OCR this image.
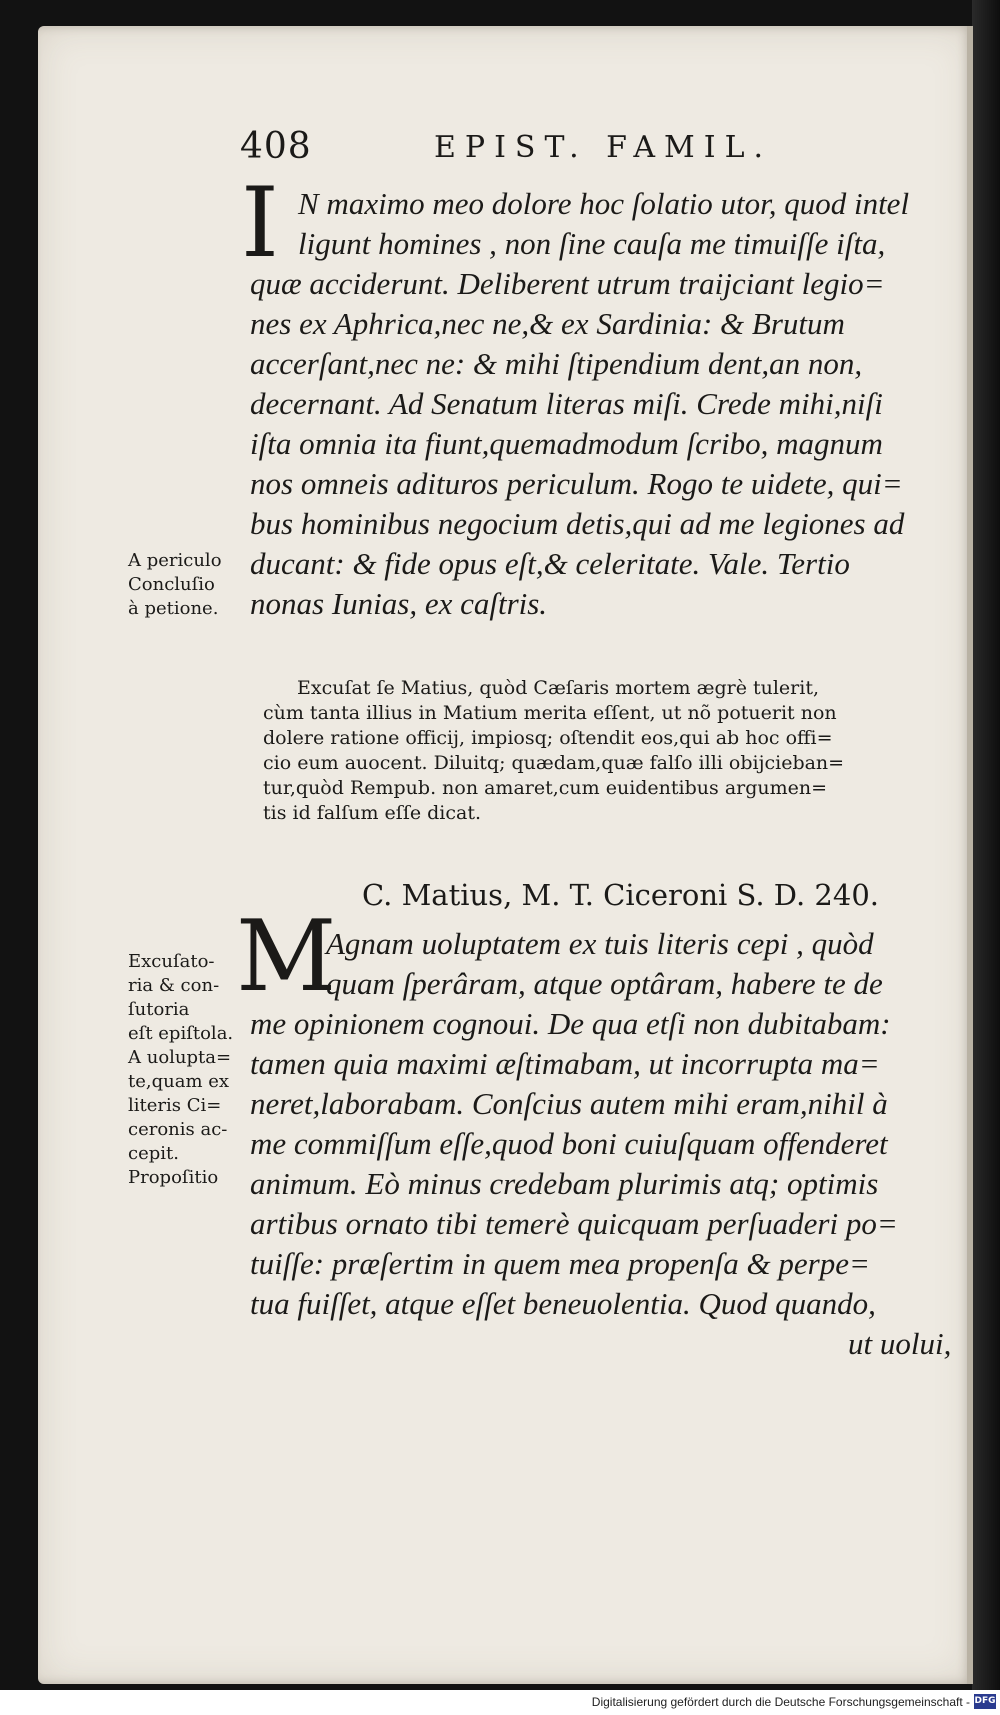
408	EPIST. FAMIL.
I N maximo meo dolore hoc ſolatio utor, quod intel
ligunt homines , non ſine cauſa me timuiſſe iſta,
quæ acciderunt. Deliberent utrum traijciant legio=
nes ex Aphrica,nec ne,& ex Sardinia: & Brutum
accerſant,nec ne: & mihi ſtipendium dent,an non,
decernant. Ad Senatum literas miſi. Crede mihi,niſi
iſta omnia ita fiunt,quemadmodum ſcribo, magnum
nos omneis adituros periculum. Rogo te uidete, qui=
bus hominibus negocium detis,qui ad me legiones ad
ducant: & fide opus eſt,& celeritate. Vale. Tertio
nonas Iunias, ex caſtris.
A periculo
Concluſio
à petione.
Excuſat ſe Matius, quòd Cæſaris mortem ægrè tulerit,
cùm tanta illius in Matium merita eſſent, ut nõ potuerit non
dolere ratione officij, impiosq; oſtendit eos,qui ab hoc offi=
cio eum auocent. Diluitq; quædam,quæ falſo illi obijcieban=
tur,quòd Rempub. non amaret,cum euidentibus argumen=
tis id falſum eſſe dicat.
C. Matius, M. T. Ciceroni S. D. 240.
M
Agnam uoluptatem ex tuis literis cepi , quòd
quam ſperâram, atque optâram, habere te de
me opinionem cognoui. De qua etſi non dubitabam:
tamen quia maximi æſtimabam, ut incorrupta ma=
neret,laborabam. Conſcius autem mihi eram,nihil à
me commiſſum eſſe,quod boni cuiuſquam offenderet
animum. Eò minus credebam plurimis atq; optimis
artibus ornato tibi temerè quicquam perſuaderi po=
tuiſſe: præſertim in quem mea propenſa & perpe=
tua fuiſſet, atque eſſet beneuolentia. Quod quando,
ut uolui,
Excuſato-
ria & con-
ſutoria
eſt epiſtola.
A uolupta=
te,quam ex
literis Ci=
ceronis ac-
cepit.
Propoſitio
Digitalisierung gefördert durch die Deutsche Forschungsgemeinschaft - DFG
